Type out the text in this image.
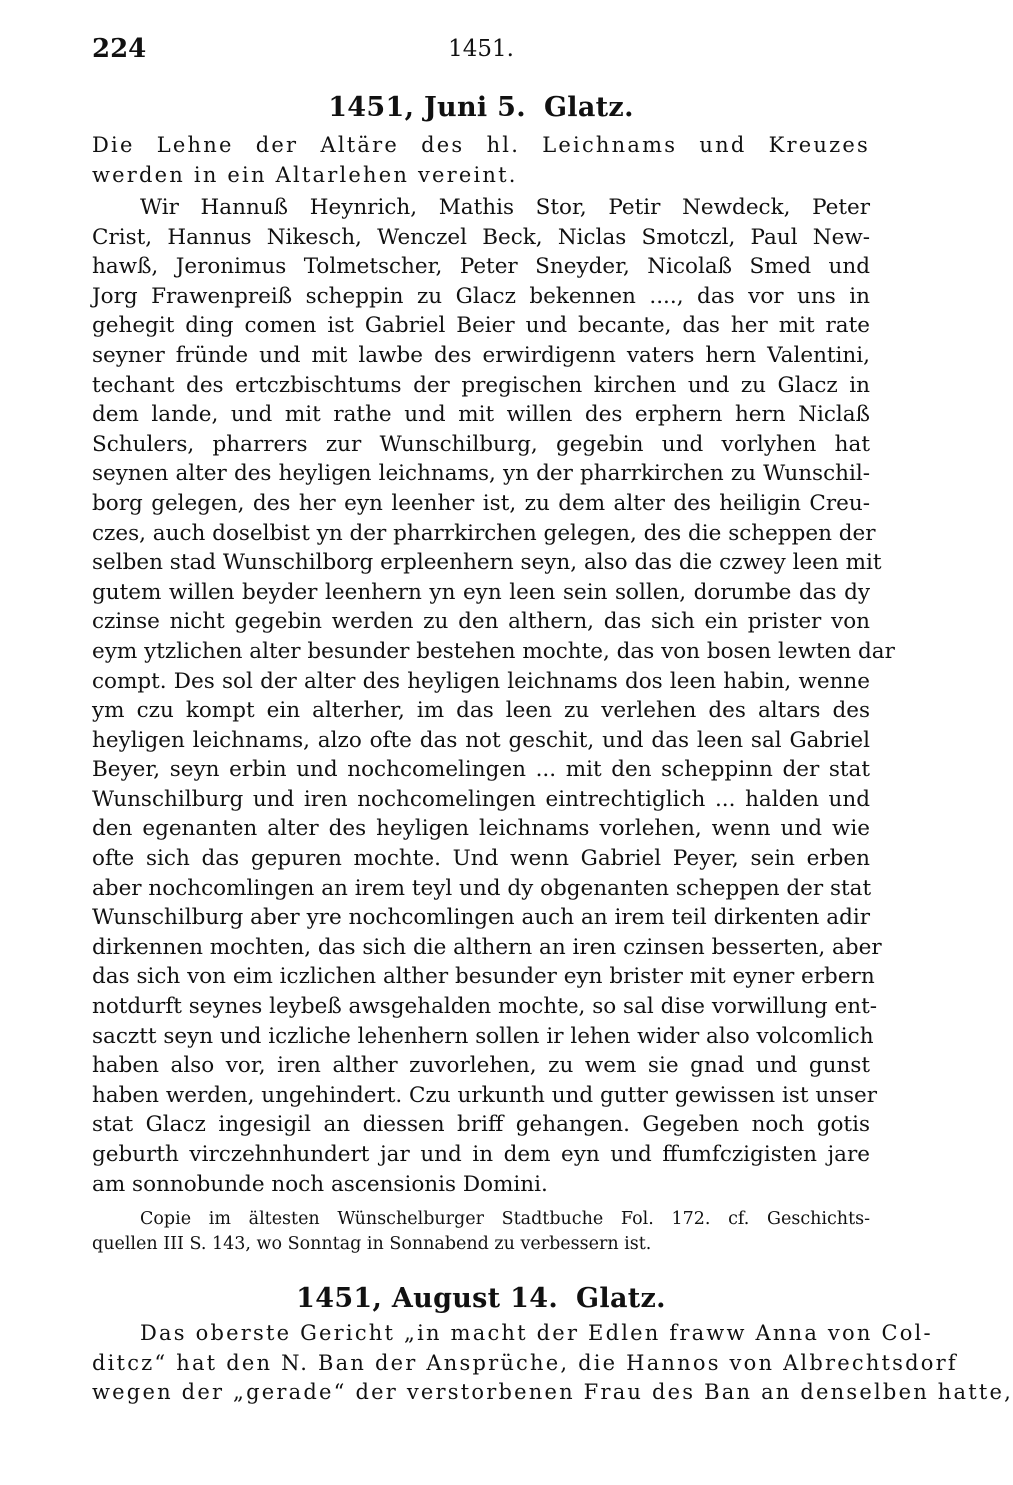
224	1451.
1451, Juni 5. Glatz.
Die Lehne der Altäre des hl. Leichnams und Kreuzes
werden in ein Altarlehen vereint.
Wir Hannuß Heynrich, Mathis Stor, Petir Newdeck, Peter
Crist, Hannus Nikesch, Wenczel Beck, Niclas Smotczl, Paul New-
hawß, Jeronimus Tolmetscher, Peter Sneyder, Nicolaß Smed und
Jorg Frawenpreiß scheppin zu Glacz bekennen ...., das vor uns in
gehegit ding comen ist Gabriel Beier und becante, das her mit rate
seyner fründe und mit lawbe des erwirdigenn vaters hern Valentini,
techant des ertczbischtums der pregischen kirchen und zu Glacz in
dem lande, und mit rathe und mit willen des erphern hern Niclaß
Schulers, pharrers zur Wunschilburg, gegebin und vorlyhen hat
seynen alter des heyligen leichnams, yn der pharrkirchen zu Wunschil-
borg gelegen, des her eyn leenher ist, zu dem alter des heiligin Creu-
czes, auch doselbist yn der pharrkirchen gelegen, des die scheppen der
selben stad Wunschilborg erpleenhern seyn, also das die czwey leen mit
gutem willen beyder leenhern yn eyn leen sein sollen, dorumbe das dy
czinse nicht gegebin werden zu den althern, das sich ein prister von
eym ytzlichen alter besunder bestehen mochte, das von bosen lewten dar
compt. Des sol der alter des heyligen leichnams dos leen habin, wenne
ym czu kompt ein alterher, im das leen zu verlehen des altars des
heyligen leichnams, alzo ofte das not geschit, und das leen sal Gabriel
Beyer, seyn erbin und nochcomelingen ... mit den scheppinn der stat
Wunschilburg und iren nochcomelingen eintrechtiglich ... halden und
den egenanten alter des heyligen leichnams vorlehen, wenn und wie
ofte sich das gepuren mochte. Und wenn Gabriel Peyer, sein erben
aber nochcomlingen an irem teyl und dy obgenanten scheppen der stat
Wunschilburg aber yre nochcomlingen auch an irem teil dirkenten adir
dirkennen mochten, das sich die althern an iren czinsen besserten, aber
das sich von eim iczlichen alther besunder eyn brister mit eyner erbern
notdurft seynes leybeß awsgehalden mochte, so sal dise vorwillung ent-
sacztt seyn und iczliche lehenhern sollen ir lehen wider also volcomlich
haben also vor, iren alther zuvorlehen, zu wem sie gnad und gunst
haben werden, ungehindert. Czu urkunth und gutter gewissen ist unser
stat Glacz ingesigil an diessen briff gehangen. Gegeben noch gotis
geburth virczehnhundert jar und in dem eyn und ffumfczigisten jare
am sonnobunde noch ascensionis Domini.
Copie im ältesten Wünschelburger Stadtbuche Fol. 172. cf. Geschichts-
quellen III S. 143, wo Sonntag in Sonnabend zu verbessern ist.
1451, August 14. Glatz.
Das oberste Gericht „in macht der Edlen fraww Anna von Col-
ditcz“ hat den N. Ban der Ansprüche, die Hannos von Albrechtsdorf
wegen der „gerade“ der verstorbenen Frau des Ban an denselben hatte,
